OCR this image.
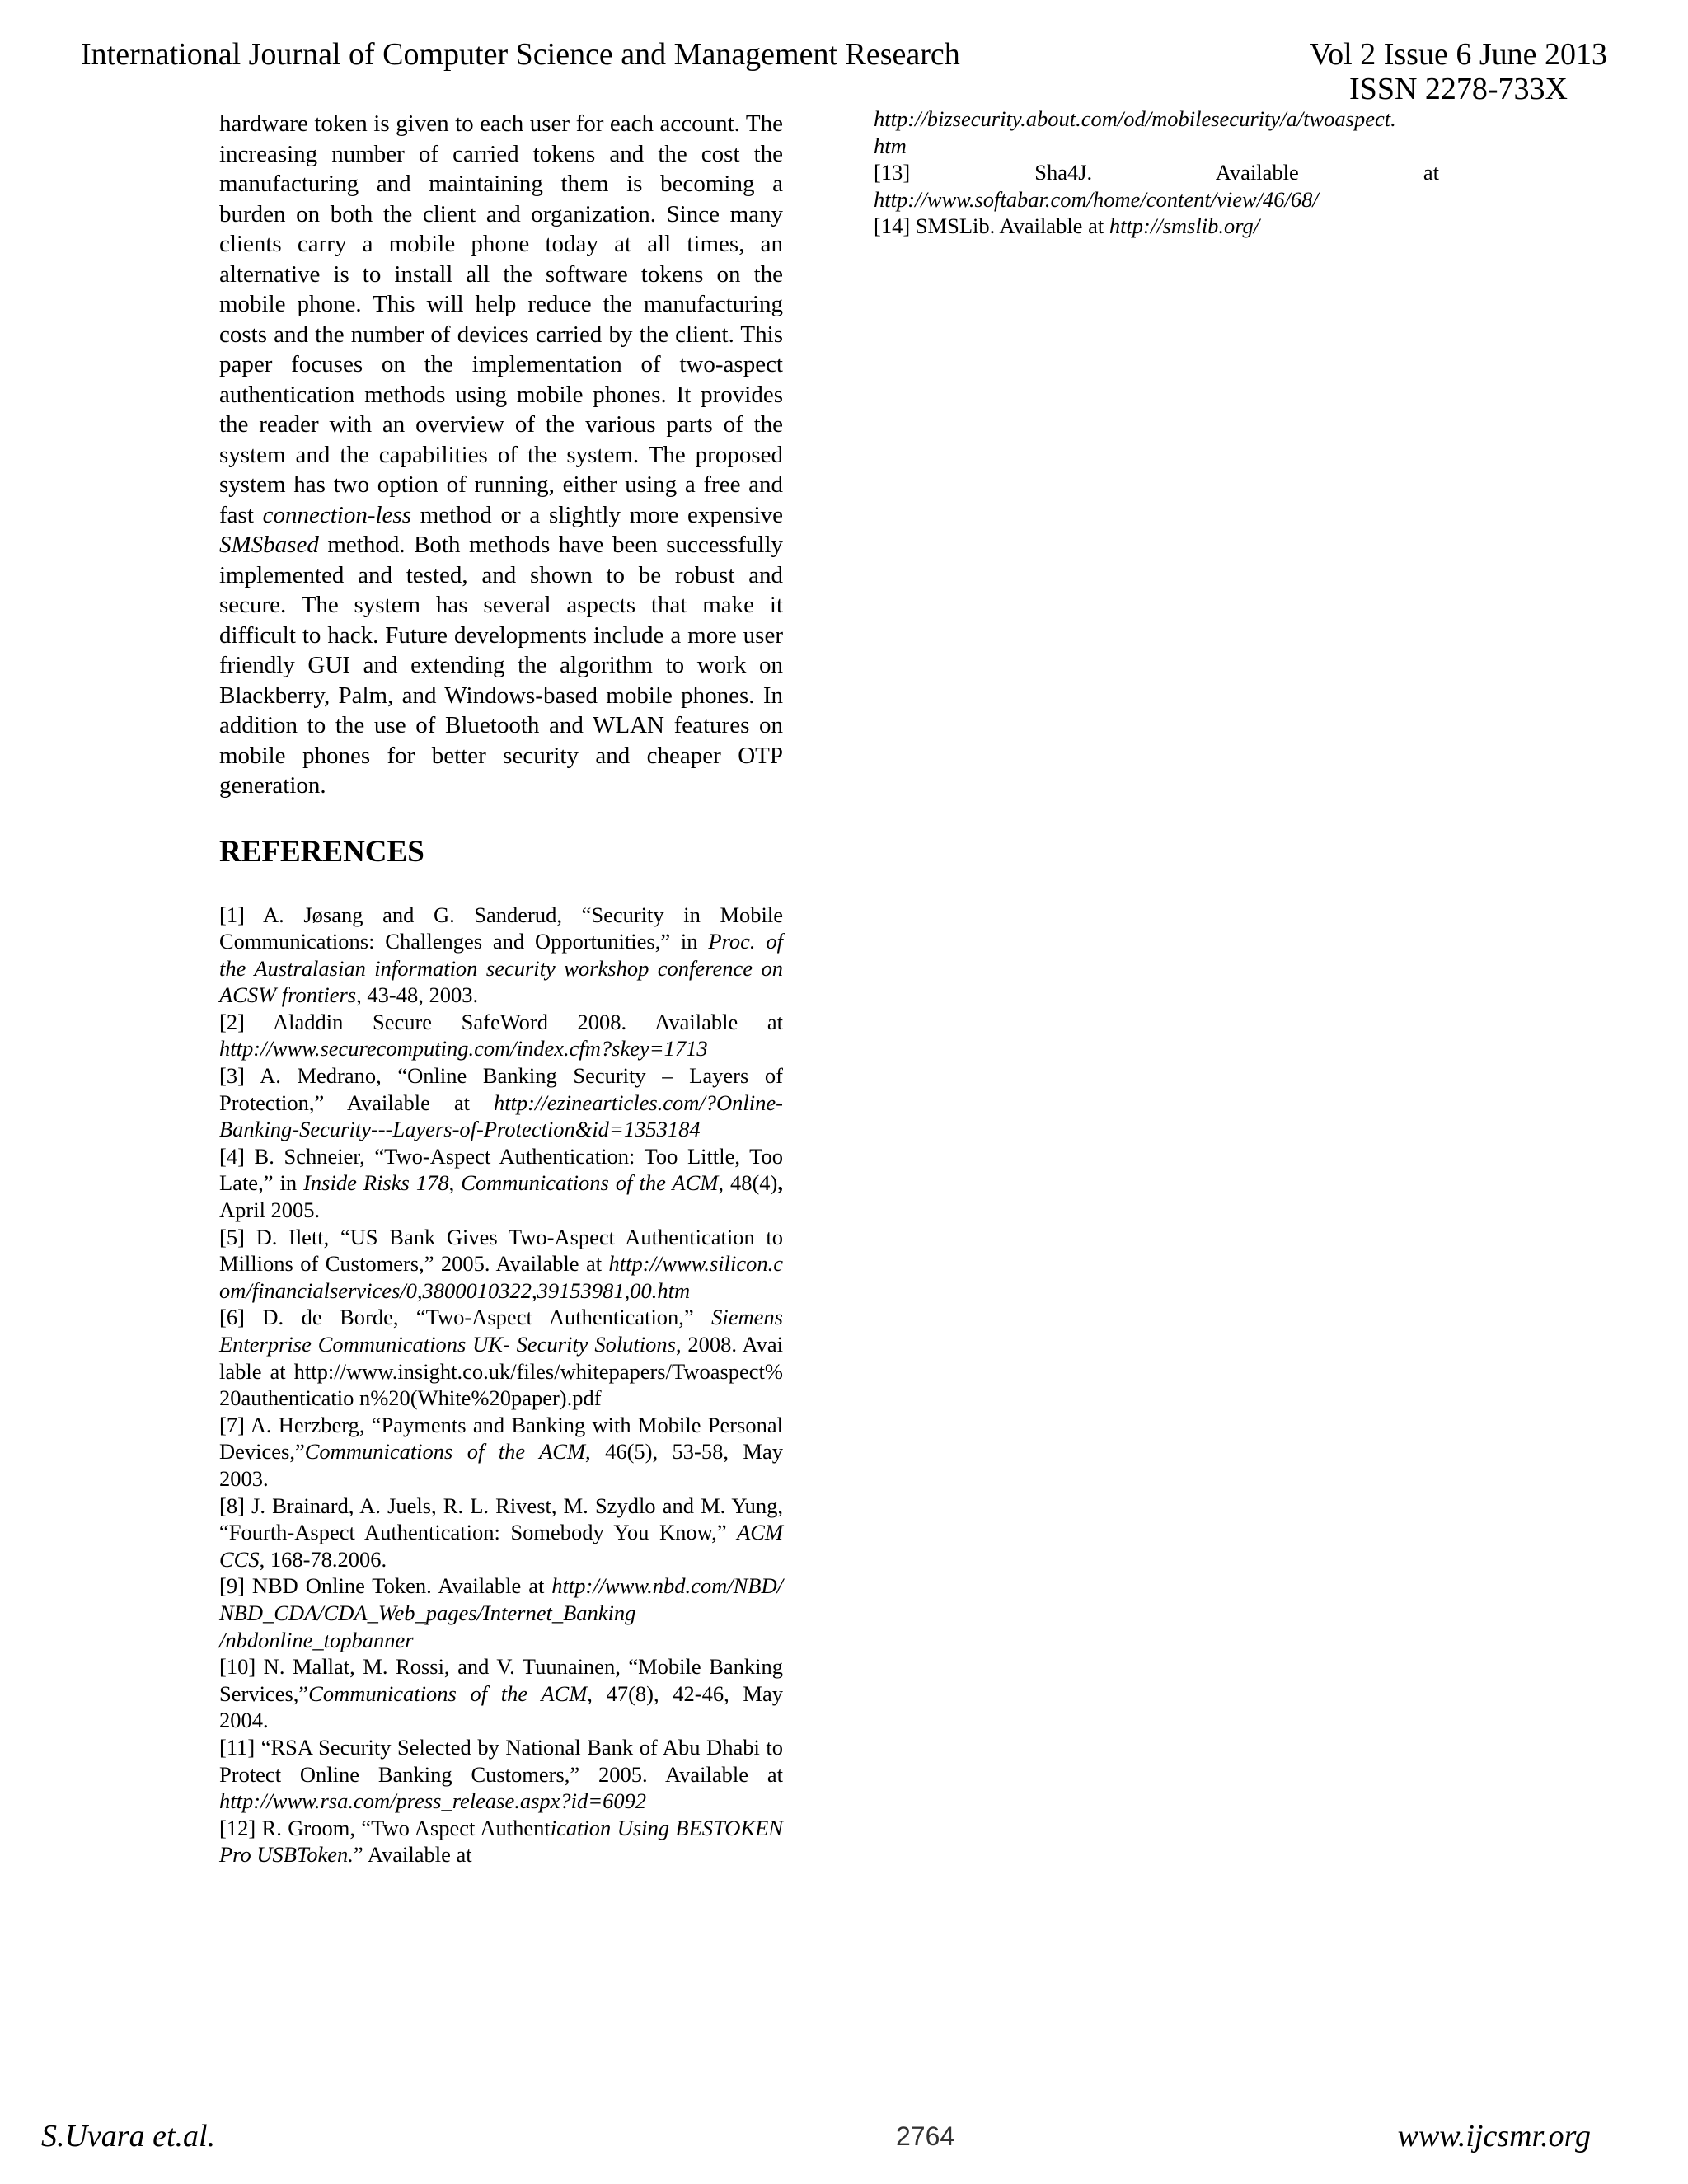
International Journal of Computer Science and Management Research	Vol 2 Issue 6 June 2013
ISSN 2278-733X

hardware token is given to each user for each account. The increasing number of carried tokens and the cost the manufacturing and maintaining them is becoming a burden on both the client and organization. Since many clients carry a mobile phone today at all times, an alternative is to install all the software tokens on the mobile phone. This will help reduce the manufacturing costs and the number of devices carried by the client. This paper focuses on the implementation of two-aspect authentication methods using mobile phones. It provides the reader with an overview of the various parts of the system and the capabilities of the system. The proposed system has two option of running, either using a free and fast connection-less method or a slightly more expensive SMSbased method. Both methods have been successfully implemented and tested, and shown to be robust and secure. The system has several aspects that make it difficult to hack. Future developments include a more user friendly GUI and extending the algorithm to work on Blackberry, Palm, and Windows-based mobile phones. In addition to the use of Bluetooth and WLAN features on mobile phones for better security and cheaper OTP generation.

REFERENCES

[1] A. Jøsang and G. Sanderud, “Security in Mobile Communications: Challenges and Opportunities,” in Proc. of the Australasian information security workshop conference on ACSW frontiers, 43-48, 2003.

[2] Aladdin Secure SafeWord 2008. Available at http://www.securecomputing.com/index.cfm?skey=1713

[3] A. Medrano, “Online Banking Security – Layers of Protection,” Available at http://ezinearticles.com/?Online-Banking-Security---Layers-of-Protection&id=1353184

[4] B. Schneier, “Two-Aspect Authentication: Too Little, Too Late,” in Inside Risks 178, Communications of the ACM, 48(4), April 2005.

[5] D. Ilett, “US Bank Gives Two-Aspect Authentication to Millions of Customers,” 2005. Available at http://www.silicon.com/financialservices/0,3800010322,39153981,00.htm

[6] D. de Borde, “Two-Aspect Authentication,” Siemens Enterprise Communications UK- Security Solutions, 2008. Available at http://www.insight.co.uk/files/whitepapers/Twoaspect%20authenticatio n%20(White%20paper).pdf

[7] A. Herzberg, “Payments and Banking with Mobile Personal Devices,”Communications of the ACM, 46(5), 53-58, May 2003.

[8] J. Brainard, A. Juels, R. L. Rivest, M. Szydlo and M. Yung, “Fourth-Aspect Authentication: Somebody You Know,” ACM CCS, 168-78.2006.

[9] NBD Online Token. Available at http://www.nbd.com/NBD/NBD_CDA/CDA_Web_pages/Internet_Banking
/nbdonline_topbanner

[10] N. Mallat, M. Rossi, and V. Tuunainen, “Mobile Banking Services,”Communications of the ACM, 47(8), 42-46, May 2004.

[11] “RSA Security Selected by National Bank of Abu Dhabi to Protect Online Banking Customers,” 2005. Available at http://www.rsa.com/press_release.aspx?id=6092

[12] R. Groom, “Two Aspect Authentication Using BESTOKEN Pro USBToken.” Available at

http://bizsecurity.about.com/od/mobilesecurity/a/twoaspect.
htm

[13] Sha4J. Available at http://www.softabar.com/home/content/view/46/68/

[14] SMSLib. Available at http://smslib.org/

S.Uvara et.al.	2764	www.ijcsmr.org
